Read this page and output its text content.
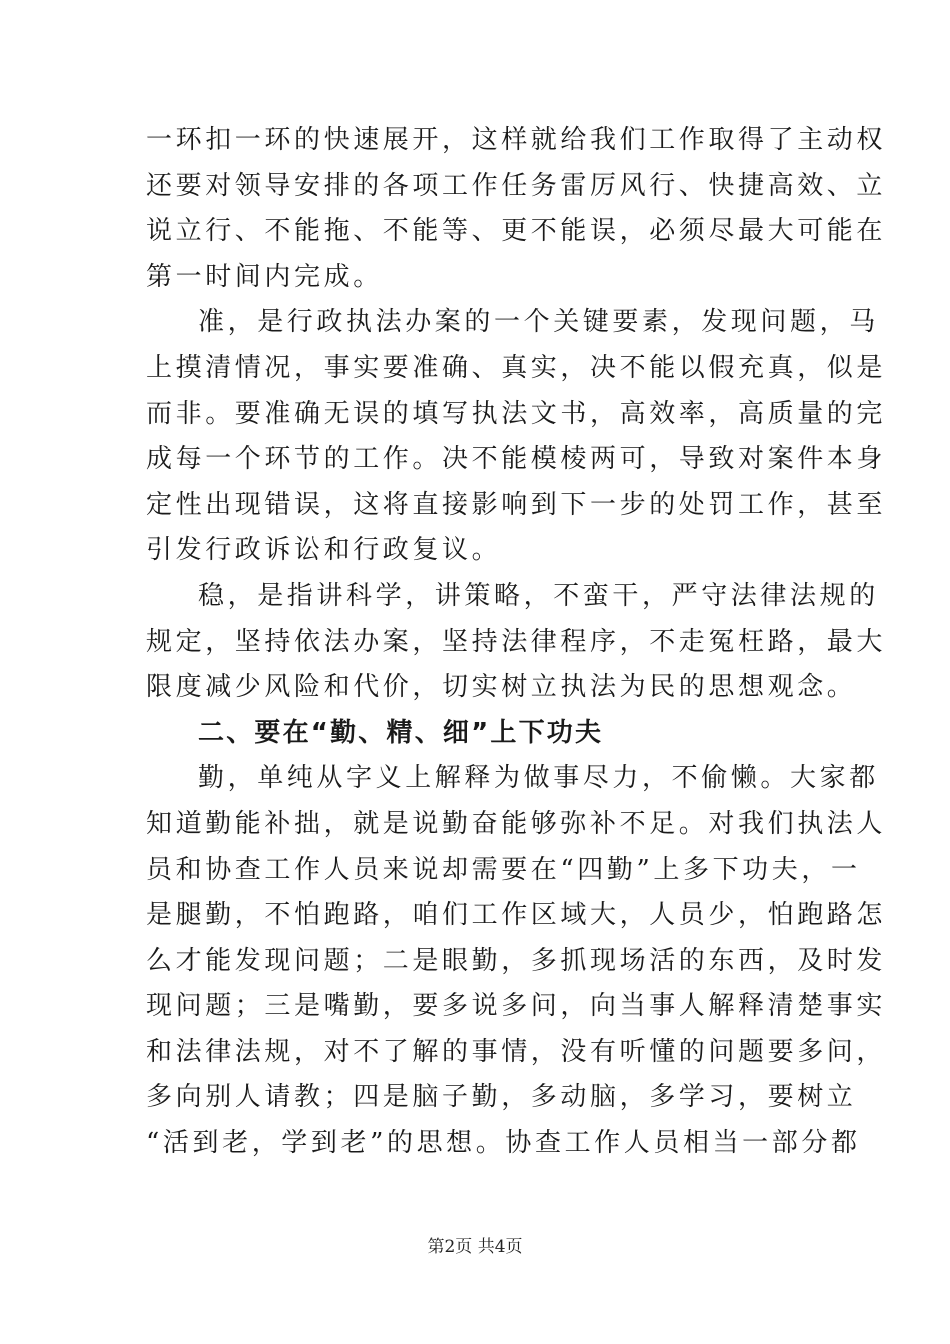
一环扣一环的快速展开，这样就给我们工作取得了主动权
还要对领导安排的各项工作任务雷厉风行、快捷高效、立
说立行、不能拖、不能等、更不能误，必须尽最大可能在
第一时间内完成。
准，是行政执法办案的一个关键要素，发现问题，马
上摸清情况，事实要准确、真实，决不能以假充真，似是
而非。要准确无误的填写执法文书，高效率，高质量的完
成每一个环节的工作。决不能模棱两可，导致对案件本身
定性出现错误，这将直接影响到下一步的处罚工作，甚至
引发行政诉讼和行政复议。
稳，是指讲科学，讲策略，不蛮干，严守法律法规的
规定，坚持依法办案，坚持法律程序，不走冤枉路，最大
限度减少风险和代价，切实树立执法为民的思想观念。
二、要在“勤、精、细”上下功夫
勤，单纯从字义上解释为做事尽力，不偷懒。大家都
知道勤能补拙，就是说勤奋能够弥补不足。对我们执法人
员和协查工作人员来说却需要在“四勤”上多下功夫，一
是腿勤，不怕跑路，咱们工作区域大，人员少，怕跑路怎
么才能发现问题；二是眼勤，多抓现场活的东西，及时发
现问题；三是嘴勤，要多说多问，向当事人解释清楚事实
和法律法规，对不了解的事情，没有听懂的问题要多问，
多向别人请教；四是脑子勤，多动脑，多学习，要树立
“活到老，学到老”的思想。协查工作人员相当一部分都
第2页 共4页
